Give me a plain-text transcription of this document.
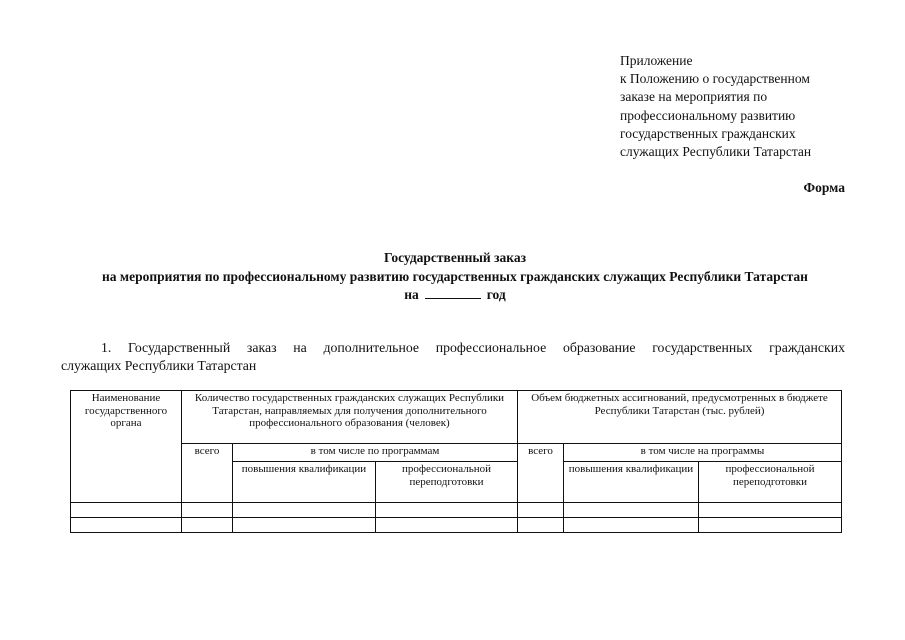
Приложение
к Положению о государственном
заказе на мероприятия по
профессиональному развитию
государственных гражданских
служащих Республики Татарстан
Форма
Государственный заказ
на мероприятия по профессиональному развитию государственных гражданских служащих Республики Татарстан
на	год
1. Государственный заказ на дополнительное профессиональное образование государственных гражданских
служащих Республики Татарстан
Наименование государственного органа	Количество государственных гражданских служащих Республики Татарстан, направляемых для получения дополнительного профессионального образования (человек)			Объем бюджетных ассигнований, предусмотренных в бюджете Республики Татарстан (тыс. рублей)		
	всего	в том числе по программам		всего	в том числе на программы	
		повышения квалификации	профессиональной переподготовки		повышения квалификации	профессиональной переподготовки
